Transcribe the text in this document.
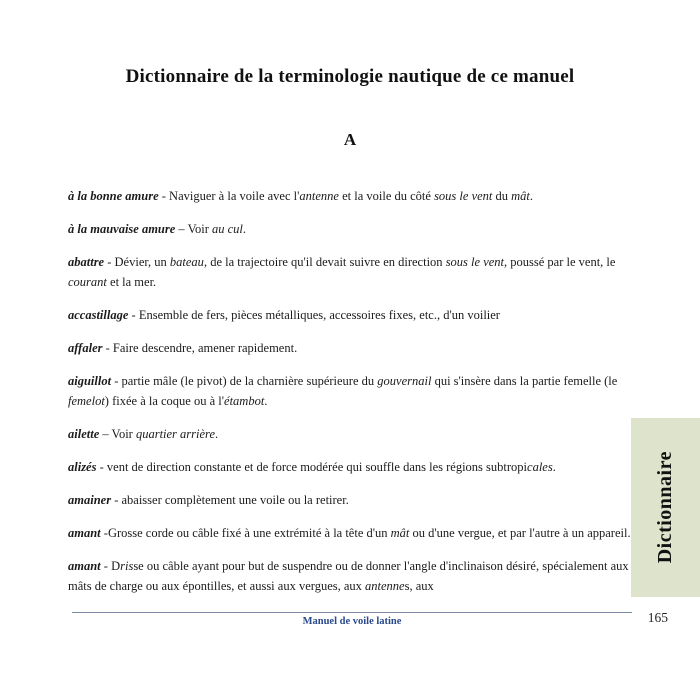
Dictionnaire de la terminologie nautique de ce manuel
A

à la bonne amure - Naviguer à la voile avec l'antenne et la voile du côté sous le vent du mât.

à la mauvaise amure – Voir au cul.

abattre - Dévier, un bateau, de la trajectoire qu'il devait suivre en direction sous le vent, poussé par le vent, le courant et la mer.

accastillage - Ensemble de fers, pièces métalliques, accessoires fixes, etc., d'un voilier

affaler - Faire descendre, amener rapidement.

aiguillot - partie mâle (le pivot) de la charnière supérieure du gouvernail qui s'insère dans la partie femelle (le femelot) fixée à la coque ou à l'étambot.

ailette – Voir quartier arrière.

alizés - vent de direction constante et de force modérée qui souffle dans les régions subtropicales.

amainer - abaisser complètement une voile ou la retirer.

amant -Grosse corde ou câble fixé à une extrémité à la tête d'un mât ou d'une vergue, et par l'autre à un appareil.

amant - Drisse ou câble ayant pour but de suspendre ou de donner l'angle d'inclinaison désiré, spécialement aux mâts de charge ou aux épontilles, et aussi aux vergues, aux antennes, aux

Dictionnaire
Manuel de voile latine	165
